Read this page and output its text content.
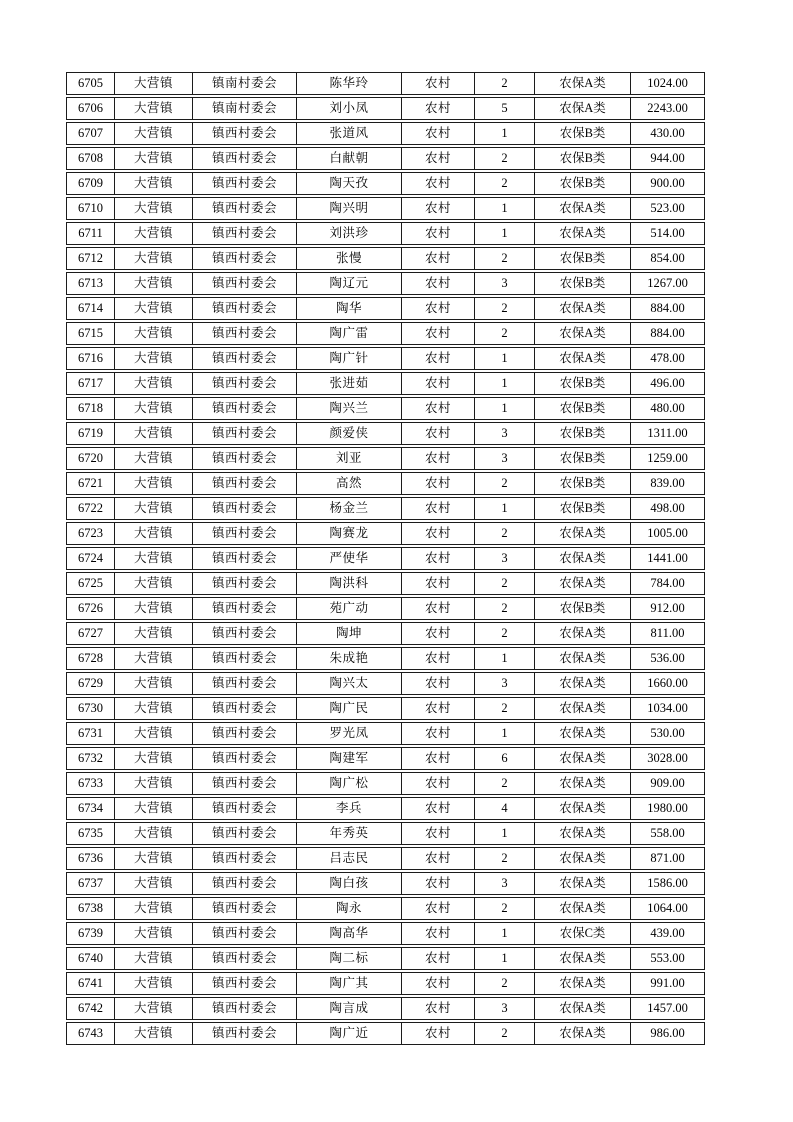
6705	大营镇	镇南村委会	陈华玲	农村	2	农保A类	1024.00
6706	大营镇	镇南村委会	刘小凤	农村	5	农保A类	2243.00
6707	大营镇	镇西村委会	张道风	农村	1	农保B类	430.00
6708	大营镇	镇西村委会	白献朝	农村	2	农保B类	944.00
6709	大营镇	镇西村委会	陶天孜	农村	2	农保B类	900.00
6710	大营镇	镇西村委会	陶兴明	农村	1	农保A类	523.00
6711	大营镇	镇西村委会	刘洪珍	农村	1	农保A类	514.00
6712	大营镇	镇西村委会	张慢	农村	2	农保B类	854.00
6713	大营镇	镇西村委会	陶辽元	农村	3	农保B类	1267.00
6714	大营镇	镇西村委会	陶华	农村	2	农保A类	884.00
6715	大营镇	镇西村委会	陶广雷	农村	2	农保A类	884.00
6716	大营镇	镇西村委会	陶广针	农村	1	农保A类	478.00
6717	大营镇	镇西村委会	张进茹	农村	1	农保B类	496.00
6718	大营镇	镇西村委会	陶兴兰	农村	1	农保B类	480.00
6719	大营镇	镇西村委会	颜爱侠	农村	3	农保B类	1311.00
6720	大营镇	镇西村委会	刘亚	农村	3	农保B类	1259.00
6721	大营镇	镇西村委会	高然	农村	2	农保B类	839.00
6722	大营镇	镇西村委会	杨金兰	农村	1	农保B类	498.00
6723	大营镇	镇西村委会	陶赛龙	农村	2	农保A类	1005.00
6724	大营镇	镇西村委会	严使华	农村	3	农保A类	1441.00
6725	大营镇	镇西村委会	陶洪科	农村	2	农保A类	784.00
6726	大营镇	镇西村委会	苑广动	农村	2	农保B类	912.00
6727	大营镇	镇西村委会	陶坤	农村	2	农保A类	811.00
6728	大营镇	镇西村委会	朱成艳	农村	1	农保A类	536.00
6729	大营镇	镇西村委会	陶兴太	农村	3	农保A类	1660.00
6730	大营镇	镇西村委会	陶广民	农村	2	农保A类	1034.00
6731	大营镇	镇西村委会	罗光凤	农村	1	农保A类	530.00
6732	大营镇	镇西村委会	陶建军	农村	6	农保A类	3028.00
6733	大营镇	镇西村委会	陶广松	农村	2	农保A类	909.00
6734	大营镇	镇西村委会	李兵	农村	4	农保A类	1980.00
6735	大营镇	镇西村委会	年秀英	农村	1	农保A类	558.00
6736	大营镇	镇西村委会	吕志民	农村	2	农保A类	871.00
6737	大营镇	镇西村委会	陶白孩	农村	3	农保A类	1586.00
6738	大营镇	镇西村委会	陶永	农村	2	农保A类	1064.00
6739	大营镇	镇西村委会	陶高华	农村	1	农保C类	439.00
6740	大营镇	镇西村委会	陶二标	农村	1	农保A类	553.00
6741	大营镇	镇西村委会	陶广其	农村	2	农保A类	991.00
6742	大营镇	镇西村委会	陶言成	农村	3	农保A类	1457.00
6743	大营镇	镇西村委会	陶广近	农村	2	农保A类	986.00
